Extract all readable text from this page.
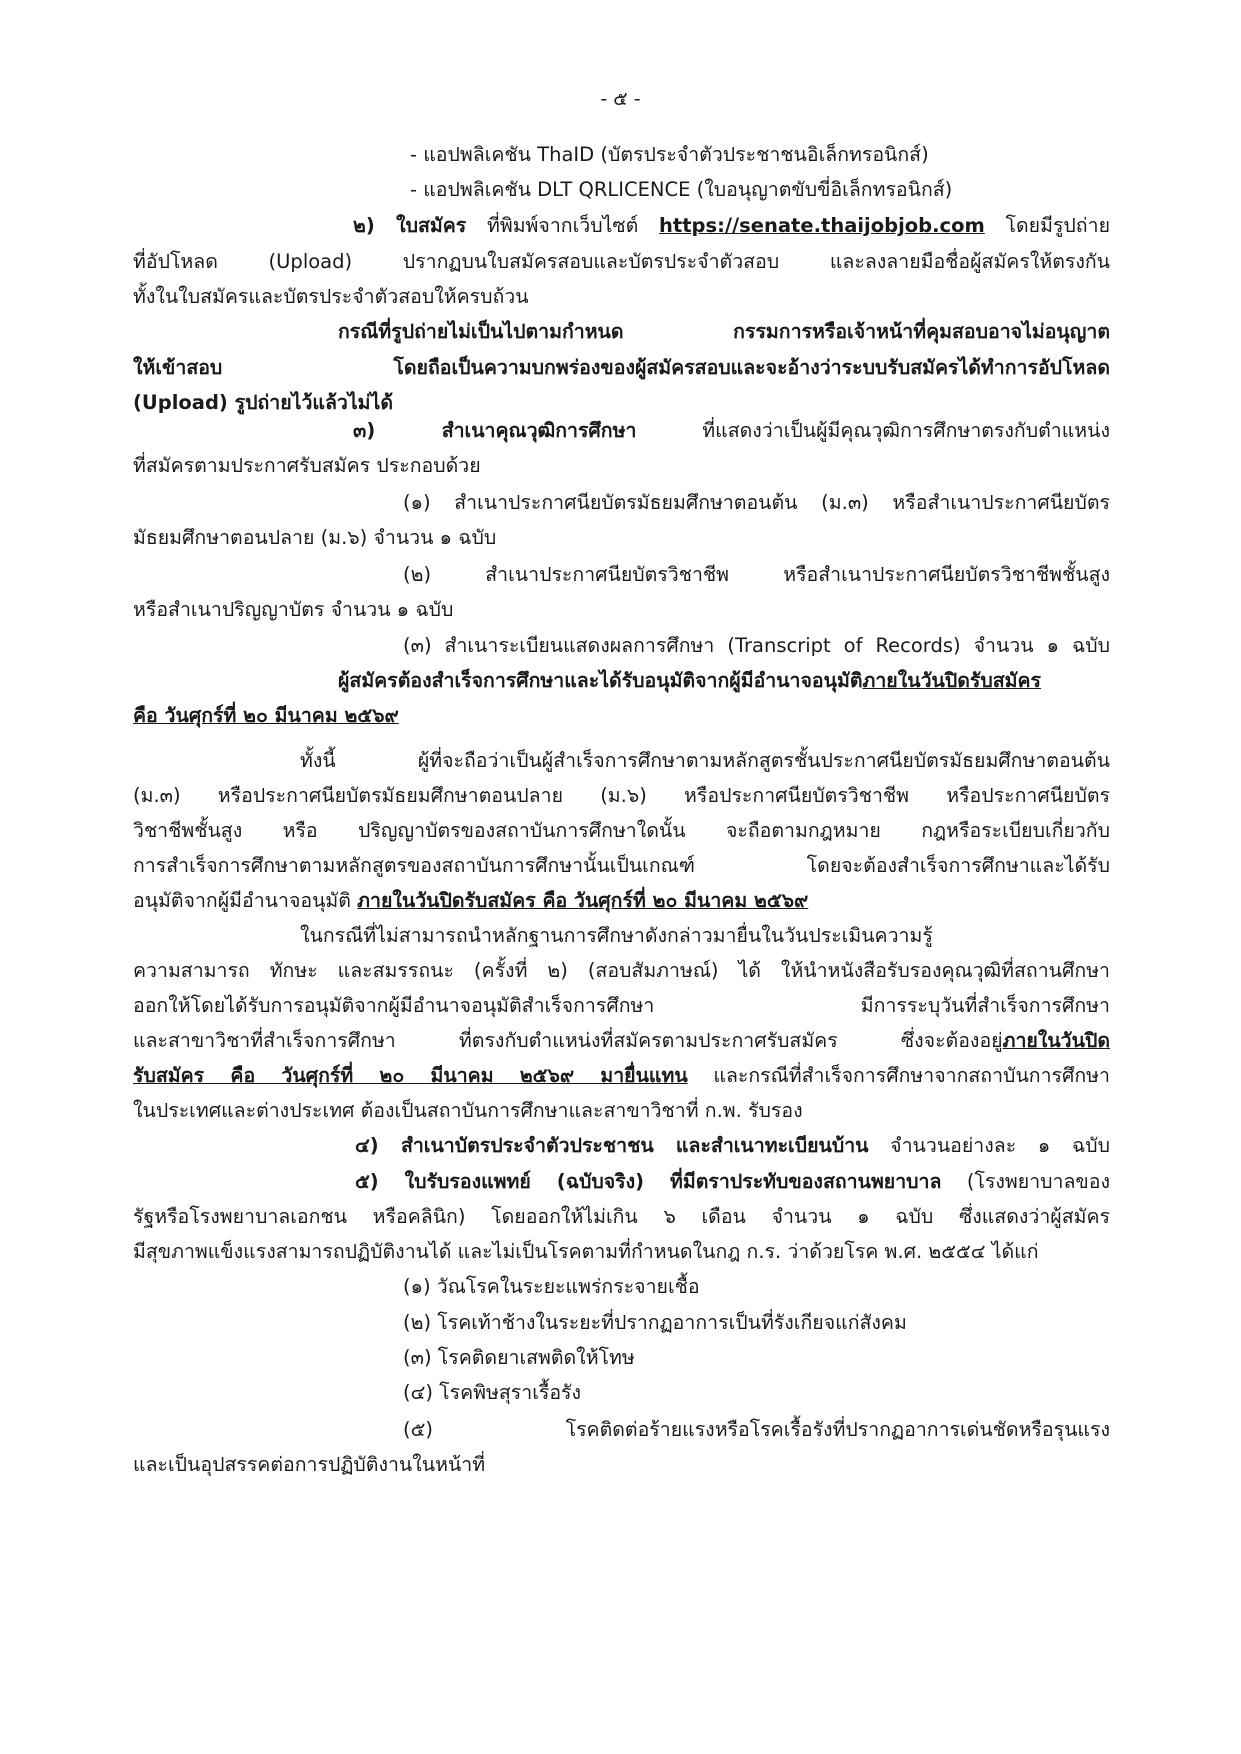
- ๕ -
- แอปพลิเคชัน ThaID (บัตรประจำตัวประชาชนอิเล็กทรอนิกส์)
- แอปพลิเคชัน DLT QRLICENCE (ใบอนุญาตขับขี่อิเล็กทรอนิกส์)
๒) ใบสมัคร ที่พิมพ์จากเว็บไซต์ https://senate.thaijobjob.com โดยมีรูปถ่าย
ที่อัปโหลด (Upload) ปรากฏบนใบสมัครสอบและบัตรประจำตัวสอบ และลงลายมือชื่อผู้สมัครให้ตรงกัน
ทั้งในใบสมัครและบัตรประจำตัวสอบให้ครบถ้วน
กรณีที่รูปถ่ายไม่เป็นไปตามกำหนด กรรมการหรือเจ้าหน้าที่คุมสอบอาจไม่อนุญาต
ให้เข้าสอบ โดยถือเป็นความบกพร่องของผู้สมัครสอบและจะอ้างว่าระบบรับสมัครได้ทำการอัปโหลด
(Upload) รูปถ่ายไว้แล้วไม่ได้
๓) สำเนาคุณวุฒิการศึกษา ที่แสดงว่าเป็นผู้มีคุณวุฒิการศึกษาตรงกับตำแหน่ง
ที่สมัครตามประกาศรับสมัคร ประกอบด้วย
(๑) สำเนาประกาศนียบัตรมัธยมศึกษาตอนต้น (ม.๓) หรือสำเนาประกาศนียบัตร
มัธยมศึกษาตอนปลาย (ม.๖) จำนวน ๑ ฉบับ
(๒) สำเนาประกาศนียบัตรวิชาชีพ หรือสำเนาประกาศนียบัตรวิชาชีพชั้นสูง
หรือสำเนาปริญญาบัตร จำนวน ๑ ฉบับ
(๓) สำเนาระเบียนแสดงผลการศึกษา (Transcript of Records) จำนวน ๑ ฉบับ
ผู้สมัครต้องสำเร็จการศึกษาและได้รับอนุมัติจากผู้มีอำนาจอนุมัติภายในวันปิดรับสมัคร
คือ วันศุกร์ที่ ๒๐ มีนาคม ๒๕๖๙
ทั้งนี้ ผู้ที่จะถือว่าเป็นผู้สำเร็จการศึกษาตามหลักสูตรชั้นประกาศนียบัตรมัธยมศึกษาตอนต้น
(ม.๓) หรือประกาศนียบัตรมัธยมศึกษาตอนปลาย (ม.๖) หรือประกาศนียบัตรวิชาชีพ หรือประกาศนียบัตร
วิชาชีพชั้นสูง หรือ ปริญญาบัตรของสถาบันการศึกษาใดนั้น จะถือตามกฎหมาย กฎหรือระเบียบเกี่ยวกับ
การสำเร็จการศึกษาตามหลักสูตรของสถาบันการศึกษานั้นเป็นเกณฑ์ โดยจะต้องสำเร็จการศึกษาและได้รับ
อนุมัติจากผู้มีอำนาจอนุมัติ ภายในวันปิดรับสมัคร คือ วันศุกร์ที่ ๒๐ มีนาคม ๒๕๖๙
ในกรณีที่ไม่สามารถนำหลักฐานการศึกษาดังกล่าวมายื่นในวันประเมินความรู้
ความสามารถ ทักษะ และสมรรถนะ (ครั้งที่ ๒) (สอบสัมภาษณ์) ได้ ให้นำหนังสือรับรองคุณวุฒิที่สถานศึกษา
ออกให้โดยได้รับการอนุมัติจากผู้มีอำนาจอนุมัติสำเร็จการศึกษา มีการระบุวันที่สำเร็จการศึกษา
และสาขาวิชาที่สำเร็จการศึกษา ที่ตรงกับตำแหน่งที่สมัครตามประกาศรับสมัคร ซึ่งจะต้องอยู่ภายในวันปิด
รับสมัคร คือ วันศุกร์ที่ ๒๐ มีนาคม ๒๕๖๙ มายื่นแทน และกรณีที่สำเร็จการศึกษาจากสถาบันการศึกษา
ในประเทศและต่างประเทศ ต้องเป็นสถาบันการศึกษาและสาขาวิชาที่ ก.พ. รับรอง
๔) สำเนาบัตรประจำตัวประชาชน และสำเนาทะเบียนบ้าน จำนวนอย่างละ ๑ ฉบับ
๕) ใบรับรองแพทย์ (ฉบับจริง) ที่มีตราประทับของสถานพยาบาล (โรงพยาบาลของ
รัฐหรือโรงพยาบาลเอกชน หรือคลินิก) โดยออกให้ไม่เกิน ๖ เดือน จำนวน ๑ ฉบับ ซึ่งแสดงว่าผู้สมัคร
มีสุขภาพแข็งแรงสามารถปฏิบัติงานได้ และไม่เป็นโรคตามที่กำหนดในกฎ ก.ร. ว่าด้วยโรค พ.ศ. ๒๕๕๔ ได้แก่
(๑) วัณโรคในระยะแพร่กระจายเชื้อ
(๒) โรคเท้าช้างในระยะที่ปรากฏอาการเป็นที่รังเกียจแก่สังคม
(๓) โรคติดยาเสพติดให้โทษ
(๔) โรคพิษสุราเรื้อรัง
(๕) โรคติดต่อร้ายแรงหรือโรคเรื้อรังที่ปรากฏอาการเด่นชัดหรือรุนแรง
และเป็นอุปสรรคต่อการปฏิบัติงานในหน้าที่
